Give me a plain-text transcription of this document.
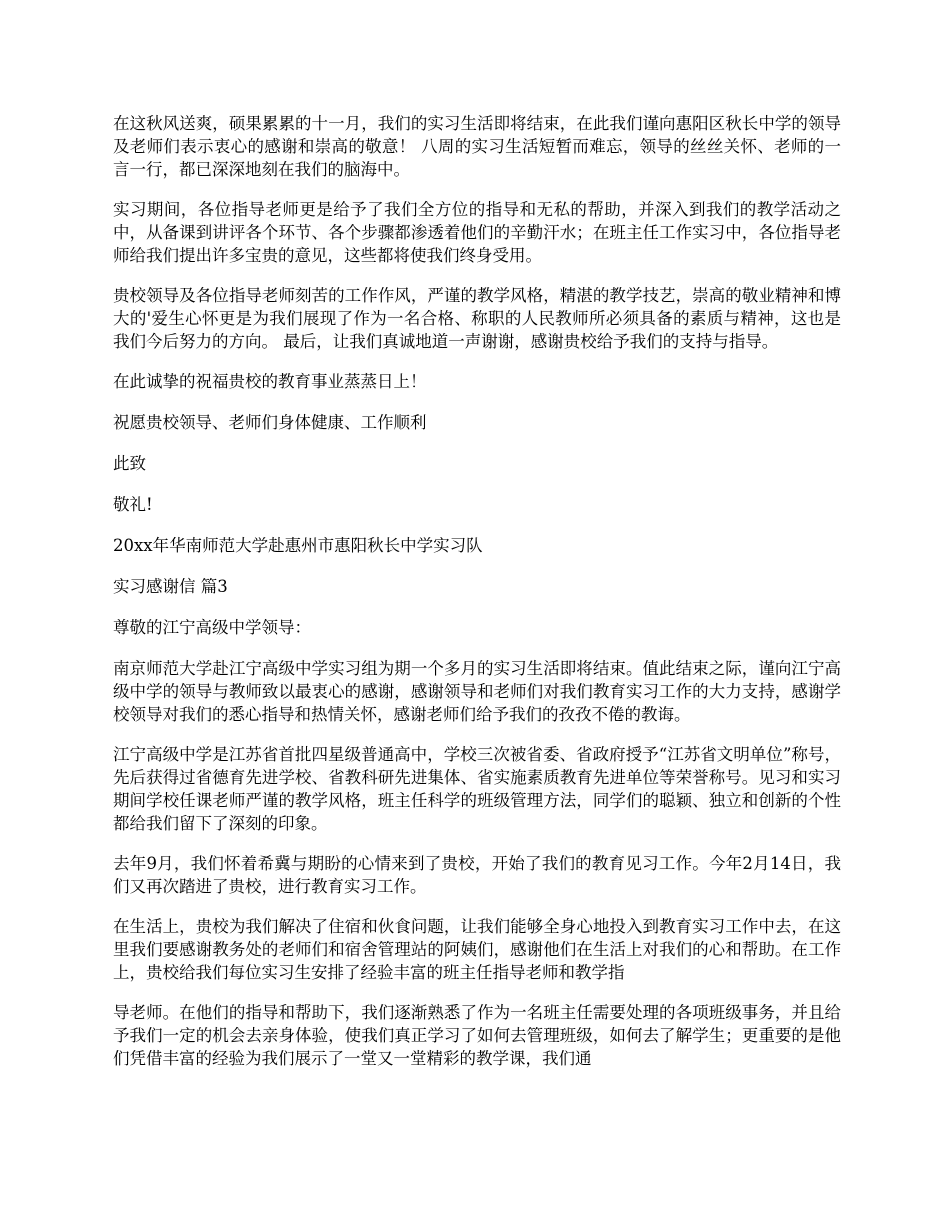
在这秋风送爽，硕果累累的十一月，我们的实习生活即将结束，在此我们谨向惠阳区秋长中学的领导及老师们表示衷心的感谢和崇高的敬意！ 八周的实习生活短暂而难忘，领导的丝丝关怀、老师的一言一行，都已深深地刻在我们的脑海中。

实习期间，各位指导老师更是给予了我们全方位的指导和无私的帮助，并深入到我们的教学活动之中，从备课到讲评各个环节、各个步骤都渗透着他们的辛勤汗水；在班主任工作实习中，各位指导老师给我们提出许多宝贵的意见，这些都将使我们终身受用。

贵校领导及各位指导老师刻苦的工作作风，严谨的教学风格，精湛的教学技艺，崇高的敬业精神和博大的'爱生心怀更是为我们展现了作为一名合格、称职的人民教师所必须具备的素质与精神，这也是我们今后努力的方向。 最后，让我们真诚地道一声谢谢，感谢贵校给予我们的支持与指导。

在此诚挚的祝福贵校的教育事业蒸蒸日上！

祝愿贵校领导、老师们身体健康、工作顺利

此致

敬礼!

20xx年华南师范大学赴惠州市惠阳秋长中学实习队

实习感谢信 篇3

尊敬的江宁高级中学领导：

南京师范大学赴江宁高级中学实习组为期一个多月的实习生活即将结束。值此结束之际，谨向江宁高级中学的领导与教师致以最衷心的感谢，感谢领导和老师们对我们教育实习工作的大力支持，感谢学校领导对我们的悉心指导和热情关怀，感谢老师们给予我们的孜孜不倦的教诲。

江宁高级中学是江苏省首批四星级普通高中，学校三次被省委、省政府授予“江苏省文明单位”称号，先后获得过省德育先进学校、省教科研先进集体、省实施素质教育先进单位等荣誉称号。见习和实习期间学校任课老师严谨的教学风格，班主任科学的班级管理方法，同学们的聪颖、独立和创新的个性都给我们留下了深刻的印象。

去年9月，我们怀着希冀与期盼的心情来到了贵校，开始了我们的教育见习工作。今年2月14日，我们又再次踏进了贵校，进行教育实习工作。

在生活上，贵校为我们解决了住宿和伙食问题，让我们能够全身心地投入到教育实习工作中去，在这里我们要感谢教务处的老师们和宿舍管理站的阿姨们，感谢他们在生活上对我们的心和帮助。在工作上，贵校给我们每位实习生安排了经验丰富的班主任指导老师和教学指

导老师。在他们的指导和帮助下，我们逐渐熟悉了作为一名班主任需要处理的各项班级事务，并且给予我们一定的机会去亲身体验，使我们真正学习了如何去管理班级，如何去了解学生；更重要的是他们凭借丰富的经验为我们展示了一堂又一堂精彩的教学课，我们通
